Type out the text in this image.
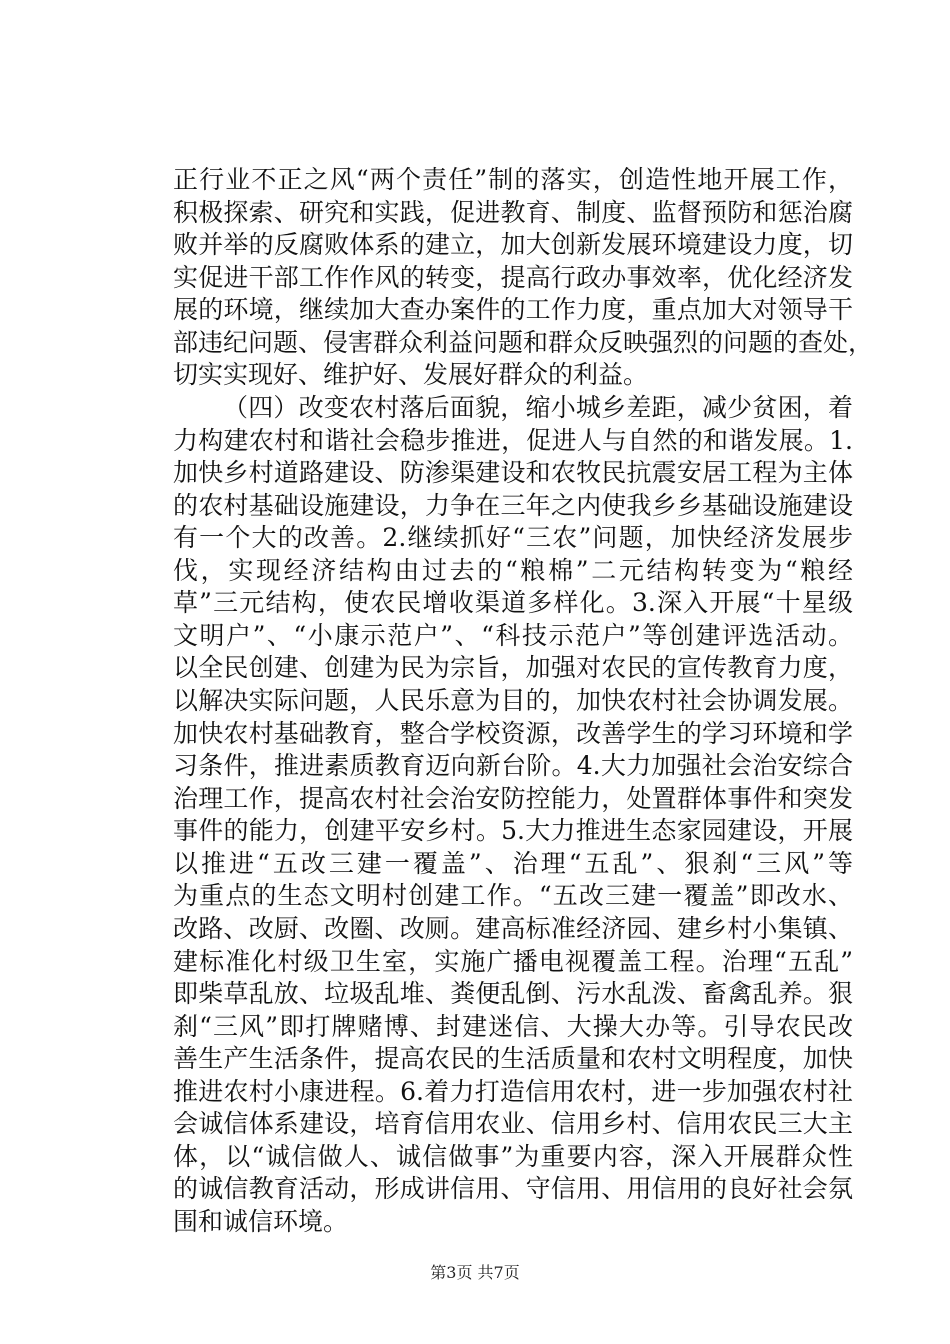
正行业不正之风“两个责任”制的落实，创造性地开展工作，
积极探索、研究和实践，促进教育、制度、监督预防和惩治腐
败并举的反腐败体系的建立，加大创新发展环境建设力度，切
实促进干部工作作风的转变，提高行政办事效率，优化经济发
展的环境，继续加大查办案件的工作力度，重点加大对领导干
部违纪问题、侵害群众利益问题和群众反映强烈的问题的查处，
切实实现好、维护好、发展好群众的利益。
（四）改变农村落后面貌，缩小城乡差距，减少贫困，着
力构建农村和谐社会稳步推进，促进人与自然的和谐发展。1.
加快乡村道路建设、防渗渠建设和农牧民抗震安居工程为主体
的农村基础设施建设，力争在三年之内使我乡乡基础设施建设
有一个大的改善。2.继续抓好“三农”问题，加快经济发展步
伐，实现经济结构由过去的“粮棉”二元结构转变为“粮经
草”三元结构，使农民增收渠道多样化。3.深入开展“十星级
文明户”、“小康示范户”、“科技示范户”等创建评选活动。
以全民创建、创建为民为宗旨，加强对农民的宣传教育力度，
以解决实际问题，人民乐意为目的，加快农村社会协调发展。
加快农村基础教育，整合学校资源，改善学生的学习环境和学
习条件，推进素质教育迈向新台阶。4.大力加强社会治安综合
治理工作，提高农村社会治安防控能力，处置群体事件和突发
事件的能力，创建平安乡村。5.大力推进生态家园建设，开展
以推进“五改三建一覆盖”、治理“五乱”、狠刹“三风”等
为重点的生态文明村创建工作。“五改三建一覆盖”即改水、
改路、改厨、改圈、改厕。建高标准经济园、建乡村小集镇、
建标准化村级卫生室，实施广播电视覆盖工程。治理“五乱”
即柴草乱放、垃圾乱堆、粪便乱倒、污水乱泼、畜禽乱养。狠
刹“三风”即打牌赌博、封建迷信、大操大办等。引导农民改
善生产生活条件，提高农民的生活质量和农村文明程度，加快
推进农村小康进程。6.着力打造信用农村，进一步加强农村社
会诚信体系建设，培育信用农业、信用乡村、信用农民三大主
体，以“诚信做人、诚信做事”为重要内容，深入开展群众性
的诚信教育活动，形成讲信用、守信用、用信用的良好社会氛
围和诚信环境。
第3页 共7页
